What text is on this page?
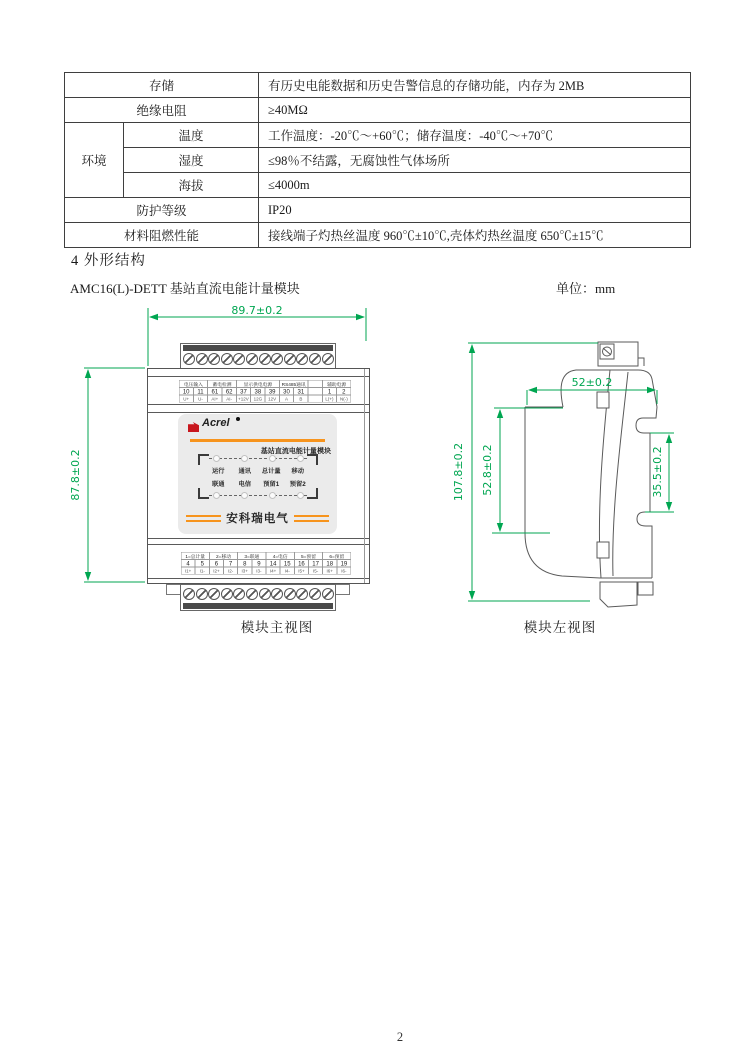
存储		有历史电能数据和历史告警信息的存储功能，内存为 2MB
绝缘电阻		≥40MΩ
环境	温度	工作温度：-20℃～+60℃；储存温度：-40℃～+70℃
	湿度	≤98％不结露，无腐蚀性气体场所
	海拔	≤4000m
防护等级		IP20
材料阻燃性能		接线端子灼热丝温度 960℃±10℃,壳体灼热丝温度 650℃±15℃
4 外形结构
AMC16(L)-DETT 基站直流电能计量模块	单位：mm
89.7±0.2
87.8±0.2	107.8±0.2 52.8±0.2
52±0.2
35.5±0.2
电压输入	蓄电检测	显示供电电源	RS485通讯	辅助电源
10 11 61 62 37 38 39 30 31	1 2
U+	U- AI+ AI- +12V 12G 12V A	B	L(+) N(-)
Acrel
基站直流电能计量模块
运行	通讯 总计量 移动
联通	电信 预留1 预留2
安科瑞电气
1=总计量	2=移动	3=联通	4=电信	5=预留	6=预留
4 5 6 7 8 9 14 15 16 17 18 19
I1+ I1- I2+ I2- I3+ I3- I4+ I4- I5+ I5- I6+ I6-
模块主视图	模块左视图
2
